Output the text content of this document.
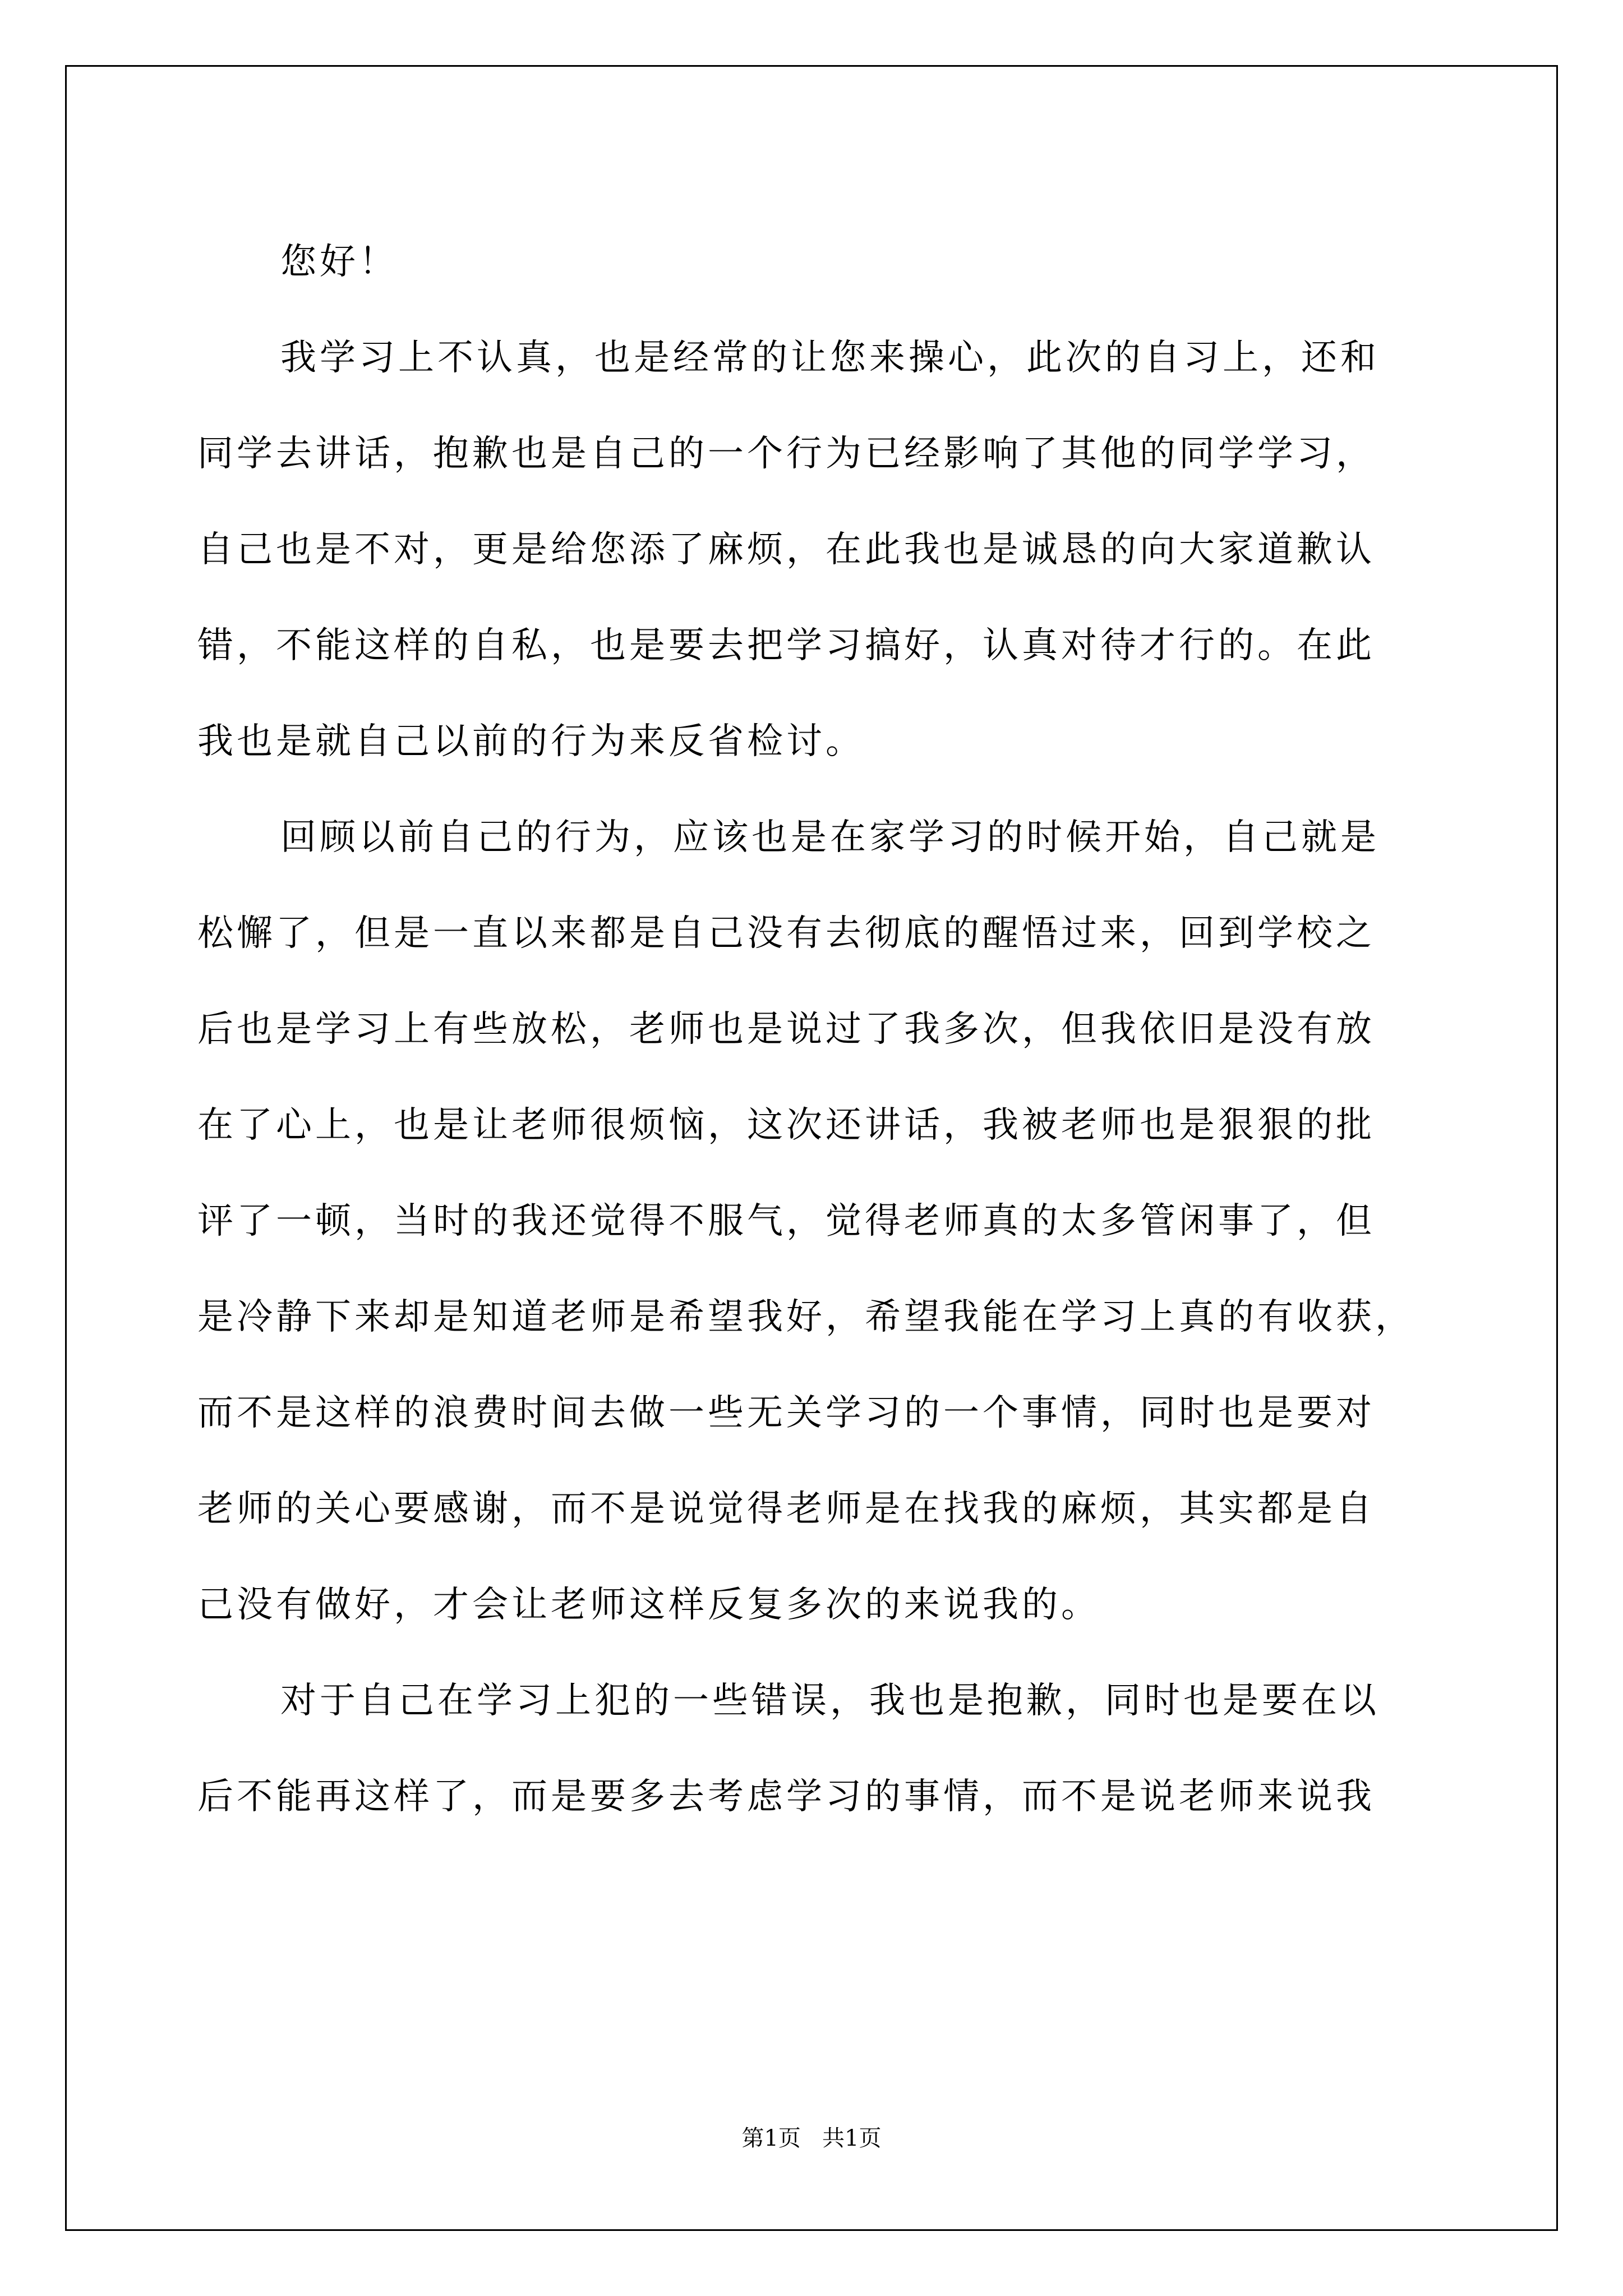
您好！

我学习上不认真，也是经常的让您来操心，此次的自习上，还和

同学去讲话，抱歉也是自己的一个行为已经影响了其他的同学学习，

自己也是不对，更是给您添了麻烦，在此我也是诚恳的向大家道歉认

错，不能这样的自私，也是要去把学习搞好，认真对待才行的。在此

我也是就自己以前的行为来反省检讨。

回顾以前自己的行为，应该也是在家学习的时候开始，自己就是

松懈了，但是一直以来都是自己没有去彻底的醒悟过来，回到学校之

后也是学习上有些放松，老师也是说过了我多次，但我依旧是没有放

在了心上，也是让老师很烦恼，这次还讲话，我被老师也是狠狠的批

评了一顿，当时的我还觉得不服气，觉得老师真的太多管闲事了，但

是冷静下来却是知道老师是希望我好，希望我能在学习上真的有收获，

而不是这样的浪费时间去做一些无关学习的一个事情，同时也是要对

老师的关心要感谢，而不是说觉得老师是在找我的麻烦，其实都是自

己没有做好，才会让老师这样反复多次的来说我的。

对于自己在学习上犯的一些错误，我也是抱歉，同时也是要在以

后不能再这样了，而是要多去考虑学习的事情，而不是说老师来说我

第1页   共1页
